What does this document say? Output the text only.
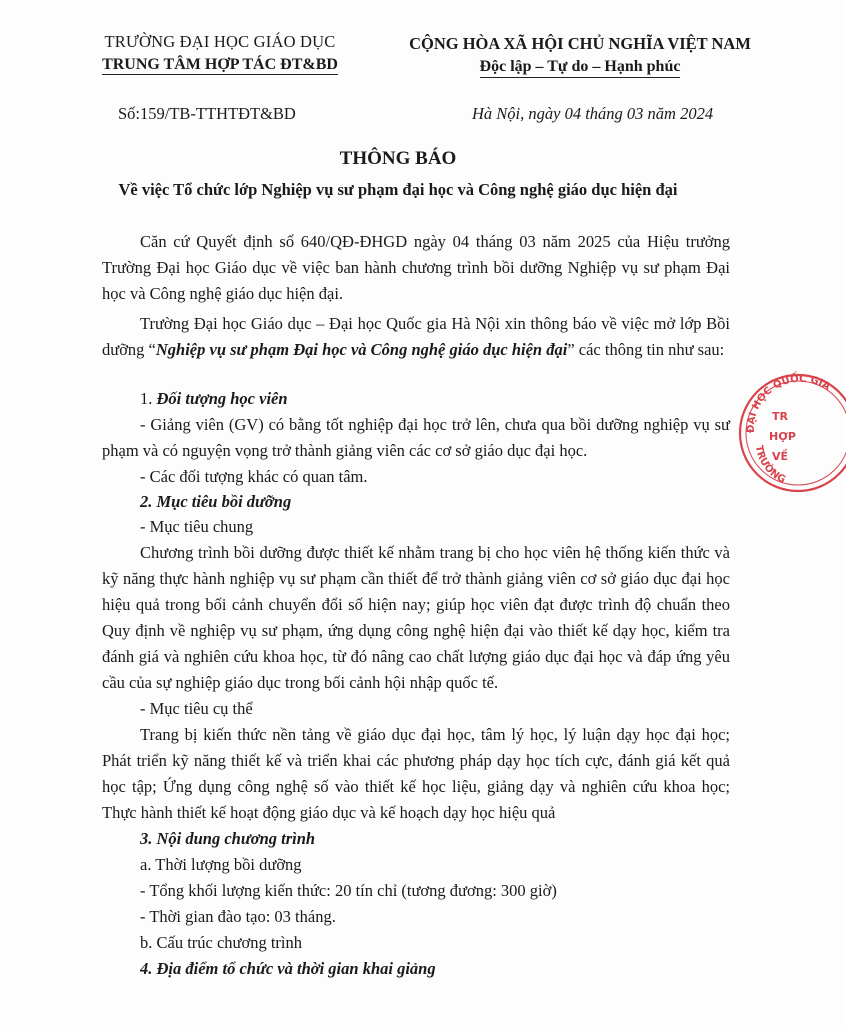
TRƯỜNG ĐẠI HỌC GIÁO DỤC
TRUNG TÂM HỢP TÁC ĐT&BD
CỘNG HÒA XÃ HỘI CHỦ NGHĨA VIỆT NAM
Độc lập – Tự do – Hạnh phúc
Số:159/TB-TTHTĐT&BD	Hà Nội, ngày 04 tháng 03 năm 2024
THÔNG BÁO
Về việc Tổ chức lớp Nghiệp vụ sư phạm đại học và Công nghệ giáo dục hiện đại

Căn cứ Quyết định số 640/QĐ-ĐHGD ngày 04 tháng 03 năm 2025 của Hiệu trưởng Trường Đại học Giáo dục về việc ban hành chương trình bồi dưỡng Nghiệp vụ sư phạm Đại học và Công nghệ giáo dục hiện đại.

Trường Đại học Giáo dục – Đại học Quốc gia Hà Nội xin thông báo về việc mở lớp Bồi dưỡng “Nghiệp vụ sư phạm Đại học và Công nghệ giáo dục hiện đại” các thông tin như sau:

1. Đối tượng học viên

- Giảng viên (GV) có bằng tốt nghiệp đại học trở lên, chưa qua bồi dưỡng nghiệp vụ sư phạm và có nguyện vọng trở thành giảng viên các cơ sở giáo dục đại học.

- Các đối tượng khác có quan tâm.

2. Mục tiêu bồi dưỡng

- Mục tiêu chung

Chương trình bồi dưỡng được thiết kế nhằm trang bị cho học viên hệ thống kiến thức và kỹ năng thực hành nghiệp vụ sư phạm cần thiết để trở thành giảng viên cơ sở giáo dục đại học hiệu quả trong bối cảnh chuyển đổi số hiện nay; giúp học viên đạt được trình độ chuẩn theo Quy định về nghiệp vụ sư phạm, ứng dụng công nghệ hiện đại vào thiết kế dạy học, kiểm tra đánh giá và nghiên cứu khoa học, từ đó nâng cao chất lượng giáo dục đại học và đáp ứng yêu cầu của sự nghiệp giáo dục trong bối cảnh hội nhập quốc tế.

- Mục tiêu cụ thể

Trang bị kiến thức nền tảng về giáo dục đại học, tâm lý học, lý luận dạy học đại học; Phát triển kỹ năng thiết kế và triển khai các phương pháp dạy học tích cực, đánh giá kết quả học tập; Ứng dụng công nghệ số vào thiết kế học liệu, giảng dạy và nghiên cứu khoa học; Thực hành thiết kế hoạt động giáo dục và kế hoạch dạy học hiệu quả

3. Nội dung chương trình

a. Thời lượng bồi dưỡng

- Tổng khối lượng kiến thức: 20 tín chỉ (tương đương: 300 giờ)

- Thời gian đào tạo: 03 tháng.

b. Cấu trúc chương trình

4. Địa điểm tổ chức và thời gian khai giảng

ĐẠI HỌC QUỐC GIA
TRƯỜNG
TR
HỢP
VỀ
